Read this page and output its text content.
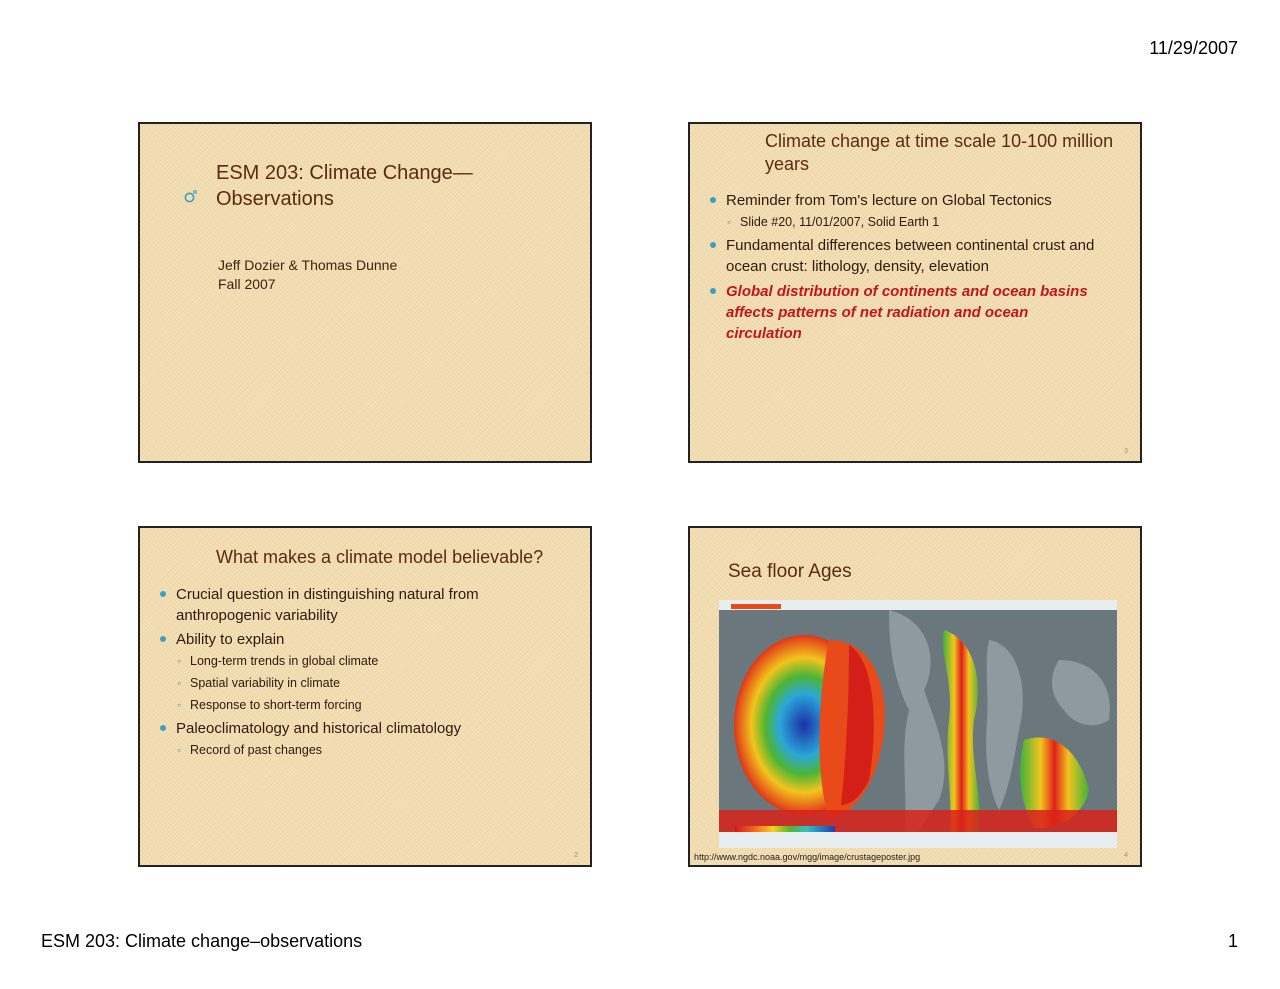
11/29/2007
ESM 203: Climate Change—
Observations
Jeff Dozier & Thomas Dunne
Fall 2007
Climate change at time scale 10-100 million
years
Reminder from Tom's lecture on Global Tectonics
◦ Slide #20, 11/01/2007, Solid Earth 1
Fundamental differences between continental crust and
ocean crust: lithology, density, elevation
Global distribution of continents and ocean basins
affects patterns of net radiation and ocean
circulation
3
What makes a climate model believable?
Crucial question in distinguishing natural from
anthropogenic variability
Ability to explain
◦ Long-term trends in global climate
◦ Spatial variability in climate
◦ Response to short-term forcing
Paleoclimatology and historical climatology
◦ Record of past changes
2
Sea floor Ages
http://www.ngdc.noaa.gov/mgg/image/crustageposter.jpg	4
ESM 203: Climate change–observations	1
